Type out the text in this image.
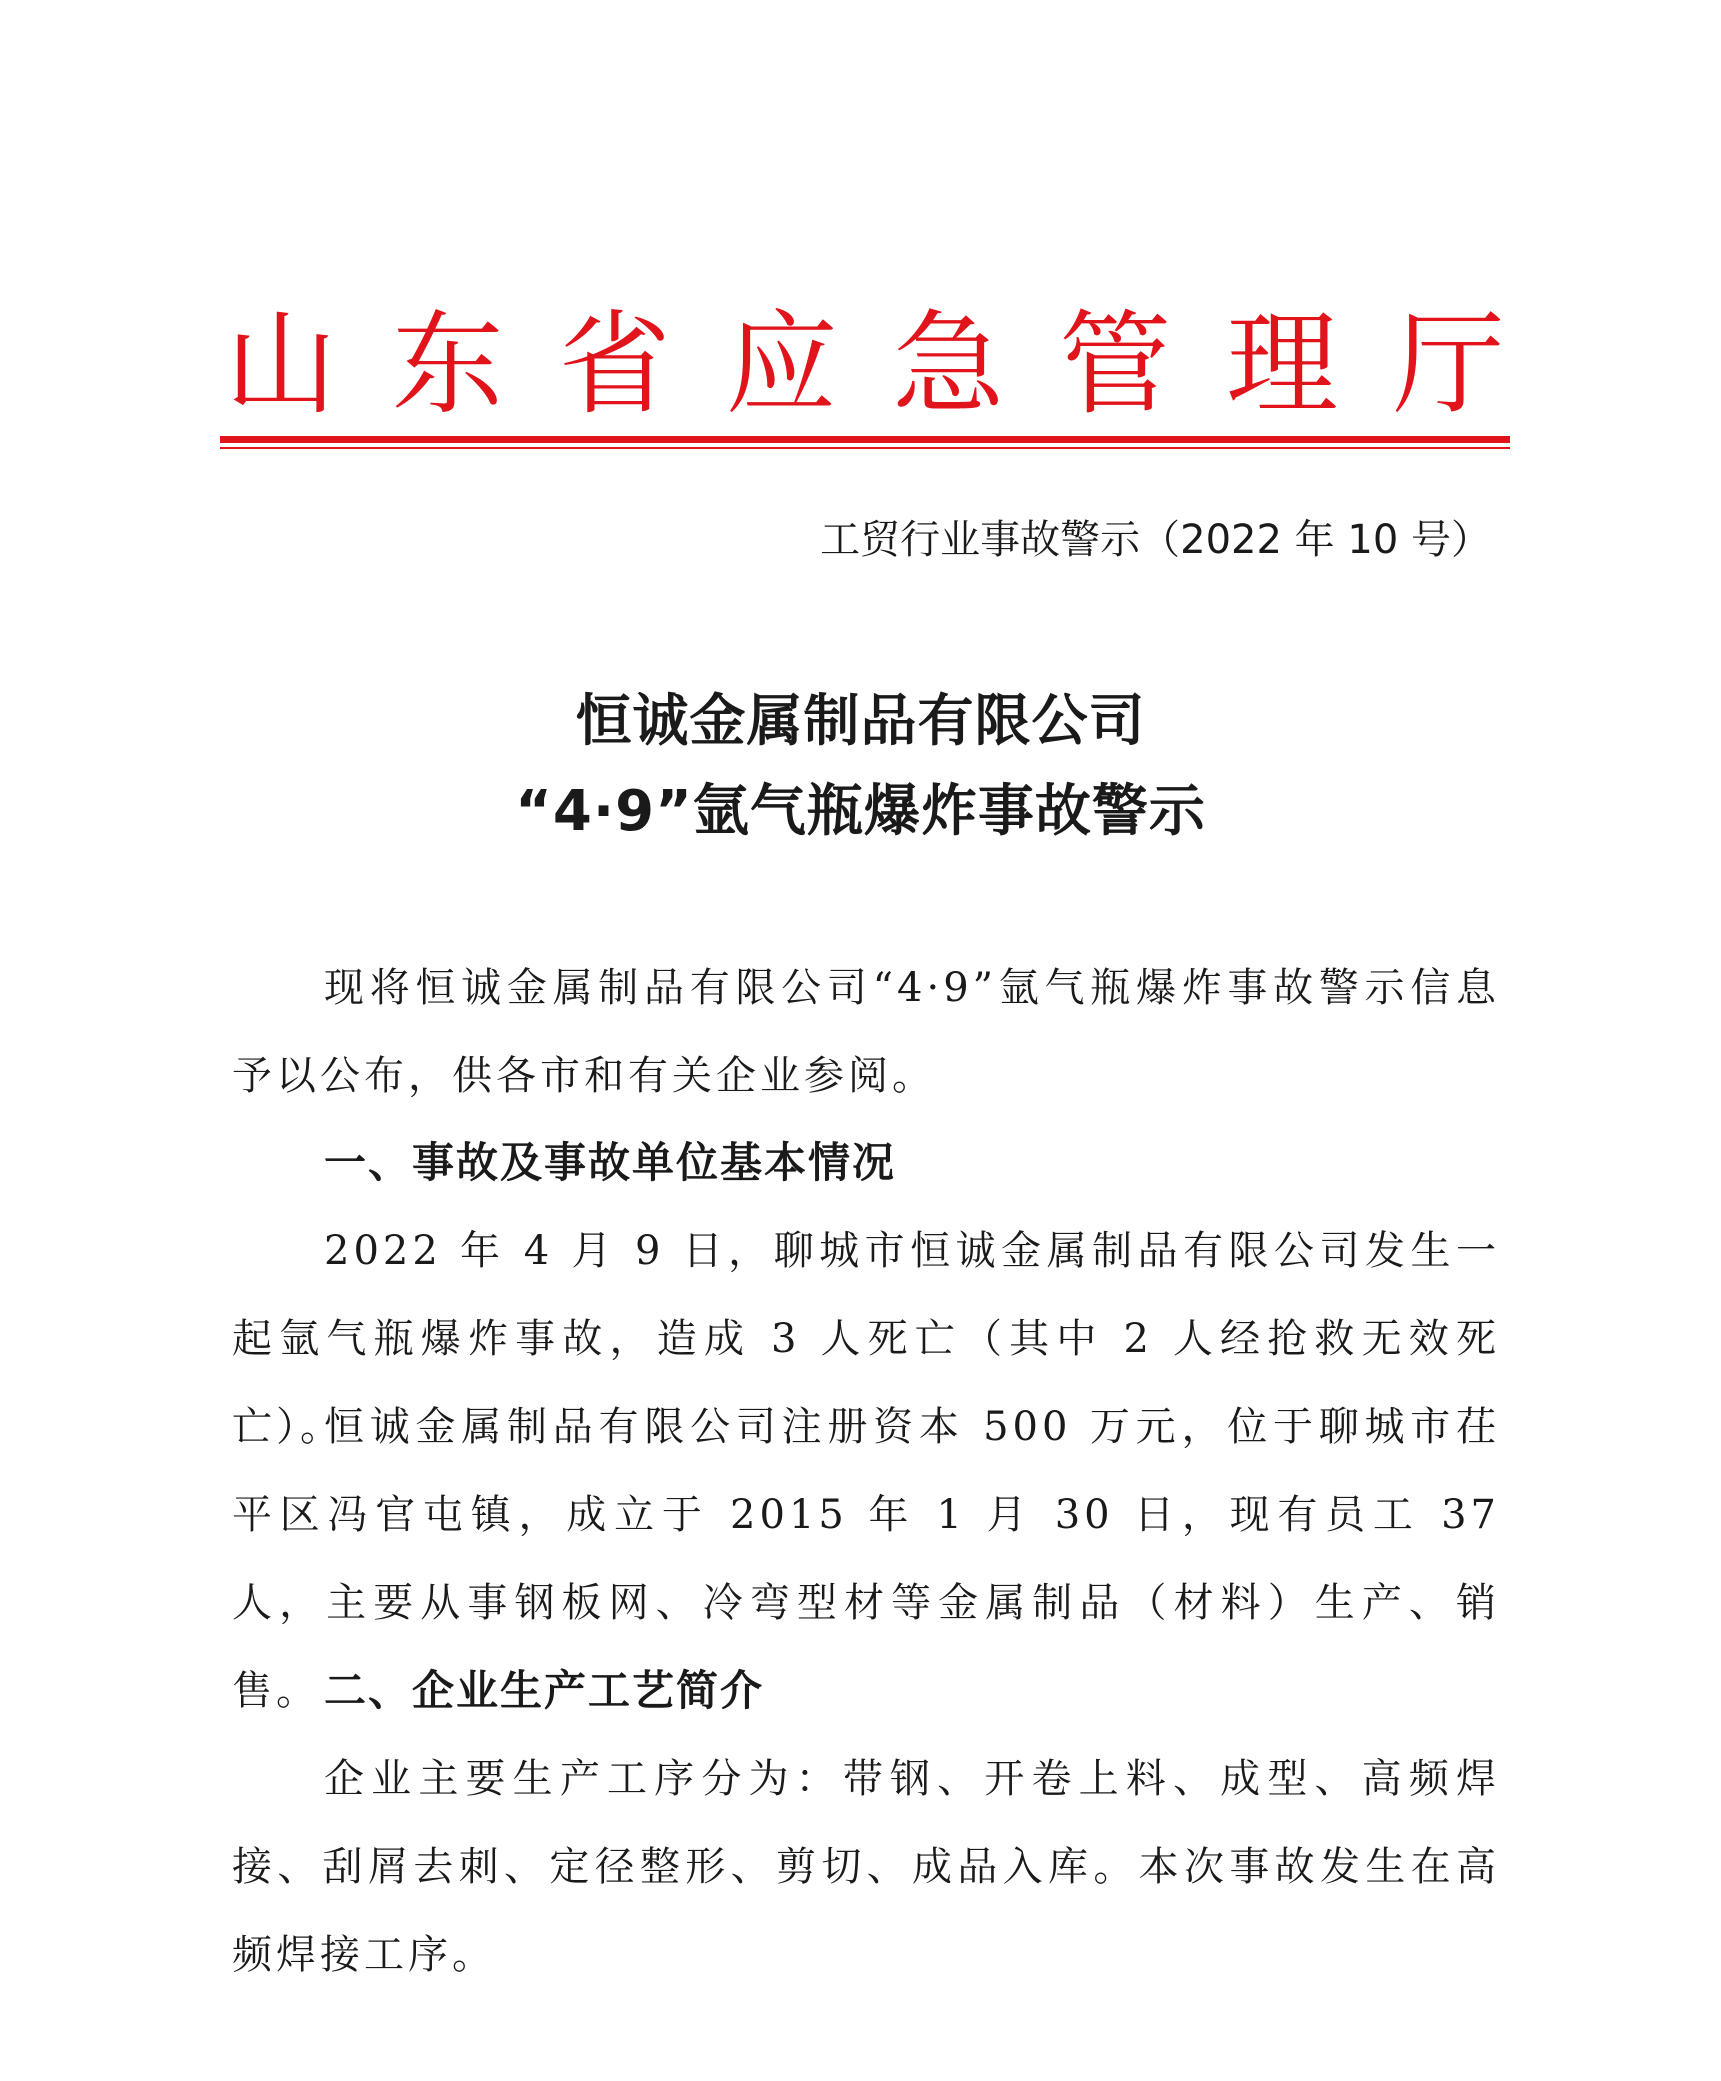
山 东 省 应 急 管 理 厅
工贸行业事故警示（2022 年 10 号）
恒诚金属制品有限公司
“4·9”氩气瓶爆炸事故警示

现将恒诚金属制品有限公司“4·9”氩气瓶爆炸事故警示信息予以公布，供各市和有关企业参阅。

一、事故及事故单位基本情况

2022 年 4 月 9 日，聊城市恒诚金属制品有限公司发生一起氩气瓶爆炸事故，造成 3 人死亡（其中 2 人经抢救无效死亡）。

恒诚金属制品有限公司注册资本 500 万元，位于聊城市茌平区冯官屯镇，成立于 2015 年 1 月 30 日，现有员工 37 人，主要从事钢板网、冷弯型材等金属制品（材料）生产、销售。 二、企业生产工艺简介

企业主要生产工序分为：带钢、开卷上料、成型、高频焊接、刮屑去刺、定径整形、剪切、成品入库。本次事故发生在高频焊接工序。
